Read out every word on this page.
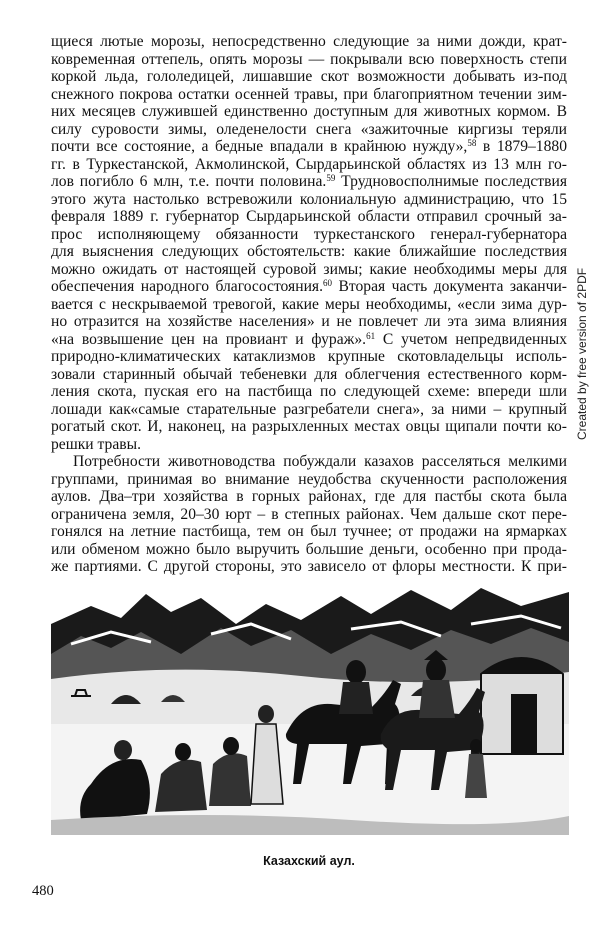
щиеся лютые морозы, непосредственно следующие за ними дожди, крат-
ковременная оттепель, опять морозы — покрывали всю поверхность степи
коркой льда, гололедицей, лишавшие скот возможности добывать из-под
снежного покрова остатки осенней травы, при благоприятном течении зим-
них месяцев служившей единственно доступным для животных кормом. В
силу суровости зимы, оледенелости снега «зажиточные киргизы теряли
почти все состояние, а бедные впадали в крайнюю нужду»,$^{58}$ в 1879–1880
гг. в Туркестанской, Акмолинской, Сырдарьинской областях из 13 млн го-
лов погибло 6 млн, т.е. почти половина.$^{59}$ Трудновосполнимые последствия
этого жута настолько встревожили колониальную администрацию, что 15
февраля 1889 г. губернатор Сырдарьинской области отправил срочный за-
прос исполняющему обязанности туркестанского генерал-губернатора
для выяснения следующих обстоятельств: какие ближайшие последствия
можно ожидать от настоящей суровой зимы; какие необходимы меры для
обеспечения народного благосостояния.$^{60}$ Вторая часть документа заканчи-
вается с нескрываемой тревогой, какие меры необходимы, «если зима дур-
но отразится на хозяйстве населения» и не повлечет ли эта зима влияния
«на возвышение цен на провиант и фураж».$^{61}$ С учетом непредвиденных
природно-климатических катаклизмов крупные скотовладельцы исполь-
зовали старинный обычай тебеневки для облегчения естественного корм-
ления скота, пуская его на пастбища по следующей схеме: впереди шли
лошади как«самые старательные разгребатели снега», за ними – крупный
рогатый скот. И, наконец, на разрыхленных местах овцы щипали почти ко-
решки травы.

Потребности животноводства побуждали казахов расселяться мелкими
группами, принимая во внимание неудобства скученности расположения
аулов. Два–три хозяйства в горных районах, где для пастбы скота была
ограничена земля, 20–30 юрт – в степных районах. Чем дальше скот пере-
гонялся на летние пастбища, тем он был тучнее; от продажи на ярмарках
или обменом можно было выручить большие деньги, особенно при прода-
же партиями. С другой стороны, это зависело от флоры местности. К при-

Created by free version of 2PDF
Казахский аул.
480
